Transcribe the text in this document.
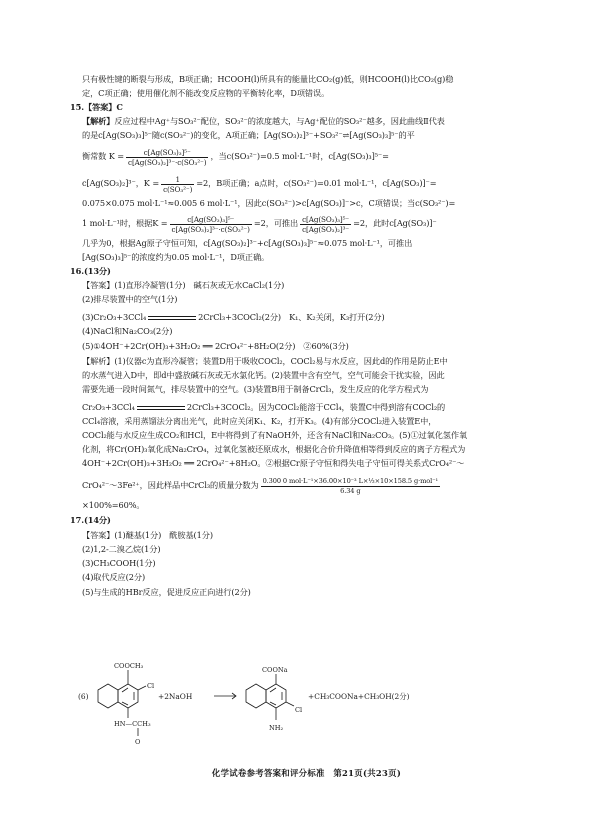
只有极性键的断裂与形成，B项正确；HCOOH(l)所具有的能量比CO₂(g)低，则HCOOH(l)比CO₂(g)稳
定，C项正确；使用催化剂不能改变反应物的平衡转化率，D项错误。
15.【答案】C
【解析】反应过程中Ag⁺与SO₃²⁻配位，SO₃²⁻的浓度越大，与Ag⁺配位的SO₃²⁻越多，因此曲线Ⅱ代表
的是c[Ag(SO₃)₃]⁵⁻随c(SO₃²⁻)的变化，A项正确；[Ag(SO₃)₂]³⁻+SO₃²⁻⇌[Ag(SO₃)₃]⁵⁻的平
衡常数 $K = \frac{\text{c[Ag(SO₃)₃]⁵⁻}}{\text{c[Ag(SO₃)₂]³⁻·c(SO₃²⁻)}}$ ，当c(SO₃²⁻)=0.5 mol·L⁻¹时，c[Ag(SO₃)₃]⁵⁻=
c[Ag(SO₃)₂]³⁻，$K = \frac{1}{\text{c(SO₃²⁻)}} =2$，B项正确；a点时，c(SO₃²⁻)=0.01 mol·L⁻¹，c[Ag(SO₃)]⁻=
0.075×0.075 mol·L⁻¹≈0.005 6 mol·L⁻¹，因此c(SO₃²⁻)>c[Ag(SO₃)]⁻>c，C项错误；当c(SO₃²⁻)=
1 mol·L⁻¹时，根据$K = \frac{\text{c[Ag(SO₃)₃]⁵⁻}}{\text{c[Ag(SO₃)₂]³⁻·c(SO₃²⁻)}} =2$，可推出 $\frac{\text{c[Ag(SO₃)₃]⁵⁻}}{\text{c[Ag(SO₃)₂]³⁻}} =2$，此时c[Ag(SO₃)]⁻
几乎为0，根据Ag原子守恒可知，c[Ag(SO₃)₂]³⁻+c[Ag(SO₃)₃]⁵⁻≈0.075 mol·L⁻¹，可推出
[Ag(SO₃)₃]⁵⁻的浓度约为0.05 mol·L⁻¹，D项正确。
16.(13分)
【答案】(1)直形冷凝管(1分)　碱石灰或无水CaCl₂(1分)
(2)排尽装置中的空气(1分)
(3)Cr₂O₃+3CCl₄	2CrCl₃+3COCl₂(2分)　K₁、K₂关闭，K₃打开(2分)
(4)NaCl和Na₂CO₃(2分)
(5)①4OH⁻+2Cr(OH)₃+3H₂O₂ ══ 2CrO₄²⁻+8H₂O(2分)　②60%(3分)
【解析】(1)仪器c为直形冷凝管；装置D用于吸收COCl₂，COCl₂易与水反应，因此d的作用是防止E中
的水蒸气进入D中，即d中盛放碱石灰或无水氯化钙。(2)装置中含有空气，空气可能会干扰实验，因此
需要先通一段时间氮气，排尽装置中的空气。(3)装置B用于制备CrCl₃，发生反应的化学方程式为
Cr₂O₃+3CCl₄	2CrCl₃+3COCl₂。因为COCl₂能溶于CCl₄，装置C中得到溶有COCl₂的
CCl₄溶液，采用蒸馏法分离出光气，此时应关闭K₁、K₂，打开K₃。(4)有部分COCl₂进入装置E中，
COCl₂能与水反应生成CO₂和HCl，E中将得到了有NaOH外，还含有NaCl和Na₂CO₃。(5)①过氧化氢作氧
化剂，将Cr(OH)₃氧化成Na₂CrO₄，过氧化氢被还原成水，根据化合价升降值相等得到反应的离子方程式为
4OH⁻+2Cr(OH)₃+3H₂O₂ ══ 2CrO₄²⁻+8H₂O。②根据Cr原子守恒和得失电子守恒可得关系式CrO₄²⁻～
CrO₄²⁻～3Fe²⁺，因此样品中CrCl₃的质量分数为 $\frac{\text{0.300 0 mol·L⁻¹×36.00×10⁻³ L×⅓×10×158.5 g·mol⁻¹}}{6.34 g}$
×100%=60%。
17.(14分)
【答案】(1)醚基(1分)　酰胺基(1分)
(2)1,2-二溴乙烷(1分)
(3)CH₃COOH(1分)
(4)取代反应(2分)
(5)与生成的HBr反应，促进反应正向进行(2分)
(6)
COOCH₃
Cl
HN—CCH₃
O
+2NaOH
COONa
Cl
NH₂
+CH₃COONa+CH₃OH(2分)
化学试卷参考答案和评分标准　第21页(共23页)
